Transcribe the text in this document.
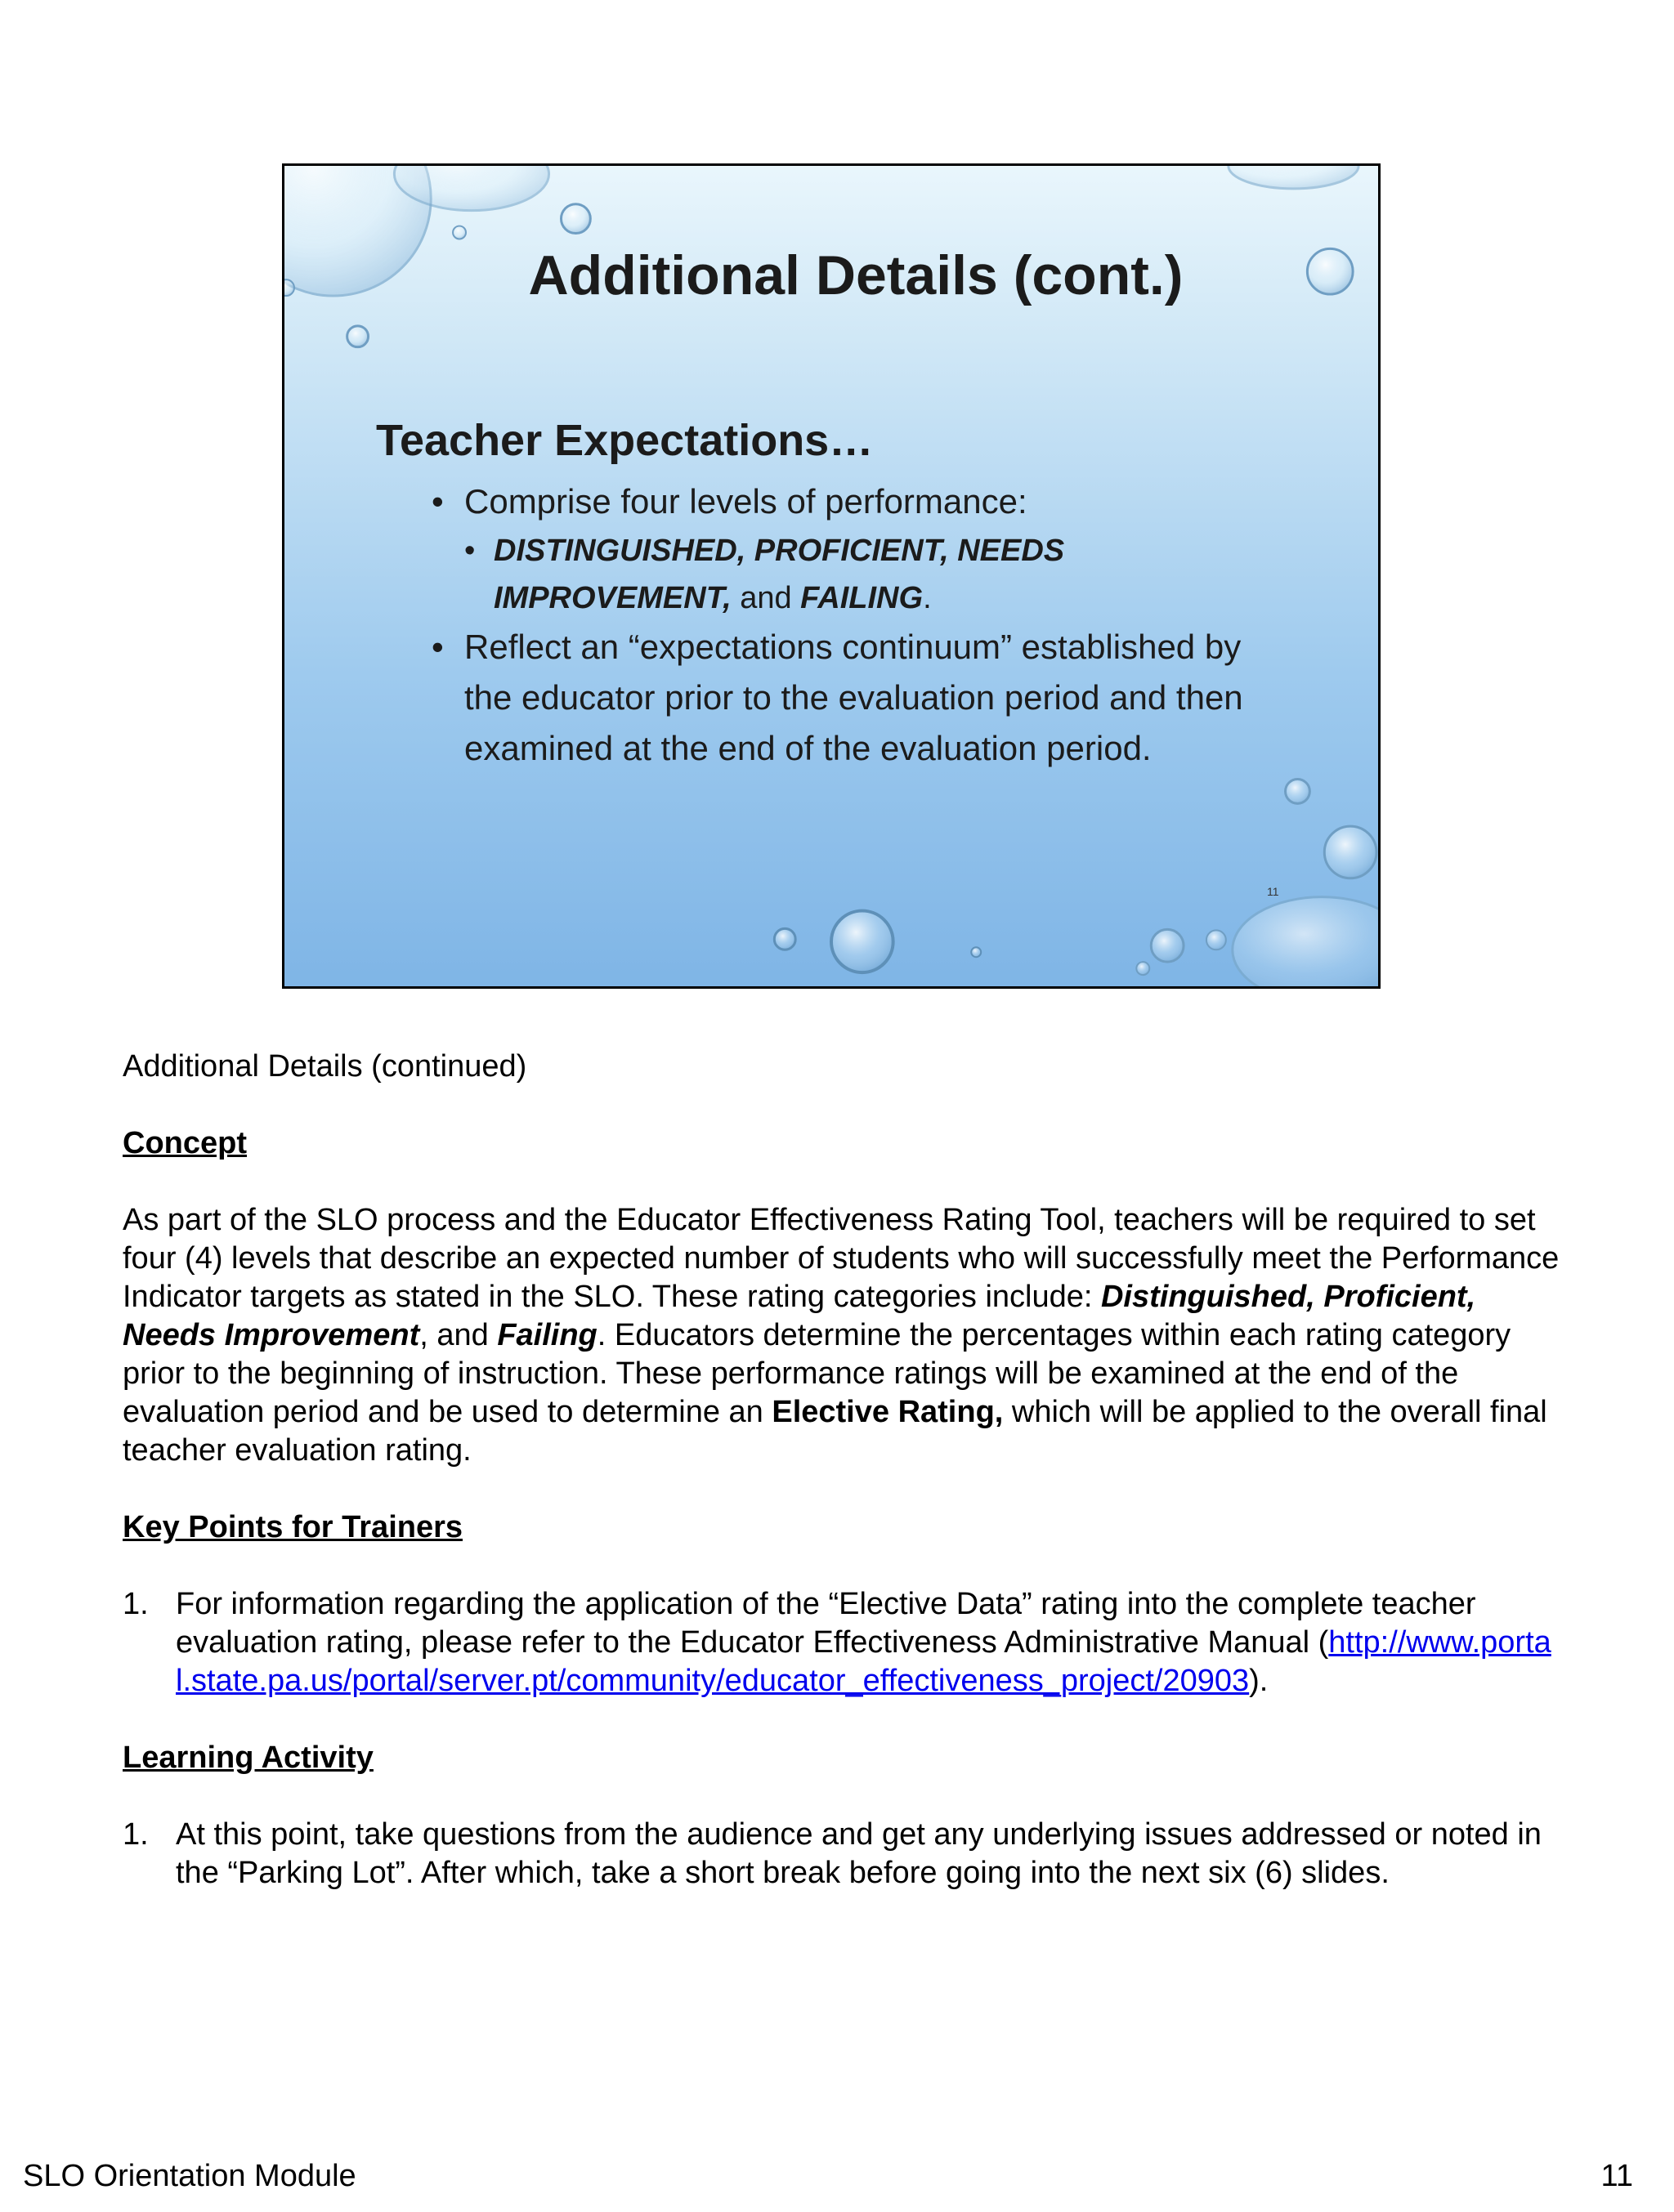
Additional Details (cont.)
Teacher Expectations…
• Comprise four levels of performance:
• DISTINGUISHED, PROFICIENT, NEEDS IMPROVEMENT, and FAILING.
• Reflect an “expectations continuum” established by the educator prior to the evaluation period and then examined at the end of the evaluation period.
11

Additional Details (continued)

Concept

As part of the SLO process and the Educator Effectiveness Rating Tool, teachers will be required to set four (4) levels that describe an expected number of students who will successfully meet the Performance Indicator targets as stated in the SLO. These rating categories include: Distinguished, Proficient, Needs Improvement, and Failing. Educators determine the percentages within each rating category prior to the beginning of instruction. These performance ratings will be examined at the end of the evaluation period and be used to determine an Elective Rating, which will be applied to the overall final teacher evaluation rating.

Key Points for Trainers

1. For information regarding the application of the “Elective Data” rating into the complete teacher evaluation rating, please refer to the Educator Effectiveness Administrative Manual (http://www.portal.state.pa.us/portal/server.pt/community/educator_effectiveness_project/20903).

Learning Activity

1. At this point, take questions from the audience and get any underlying issues addressed or noted in the “Parking Lot”. After which, take a short break before going into the next six (6) slides.
SLO Orientation Module	11
